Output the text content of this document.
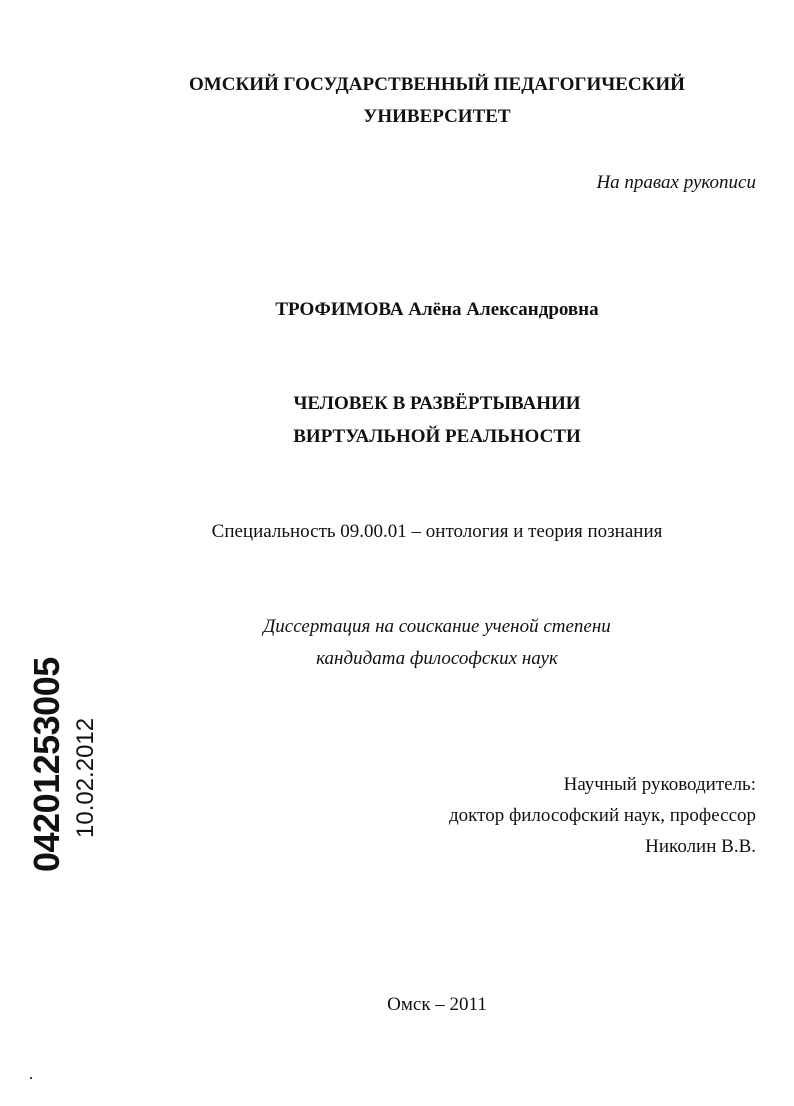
ОМСКИЙ ГОСУДАРСТВЕННЫЙ ПЕДАГОГИЧЕСКИЙ
УНИВЕРСИТЕТ
На правах рукописи
ТРОФИМОВА Алёна Александровна
ЧЕЛОВЕК В РАЗВЁРТЫВАНИИ
ВИРТУАЛЬНОЙ РЕАЛЬНОСТИ
Специальность 09.00.01 – онтология и теория познания
Диссертация на соискание ученой степени
кандидата философских наук
Научный руководитель:
доктор философский наук, профессор
Николин В.В.
Омск – 2011
04201253005 10.02.2012
